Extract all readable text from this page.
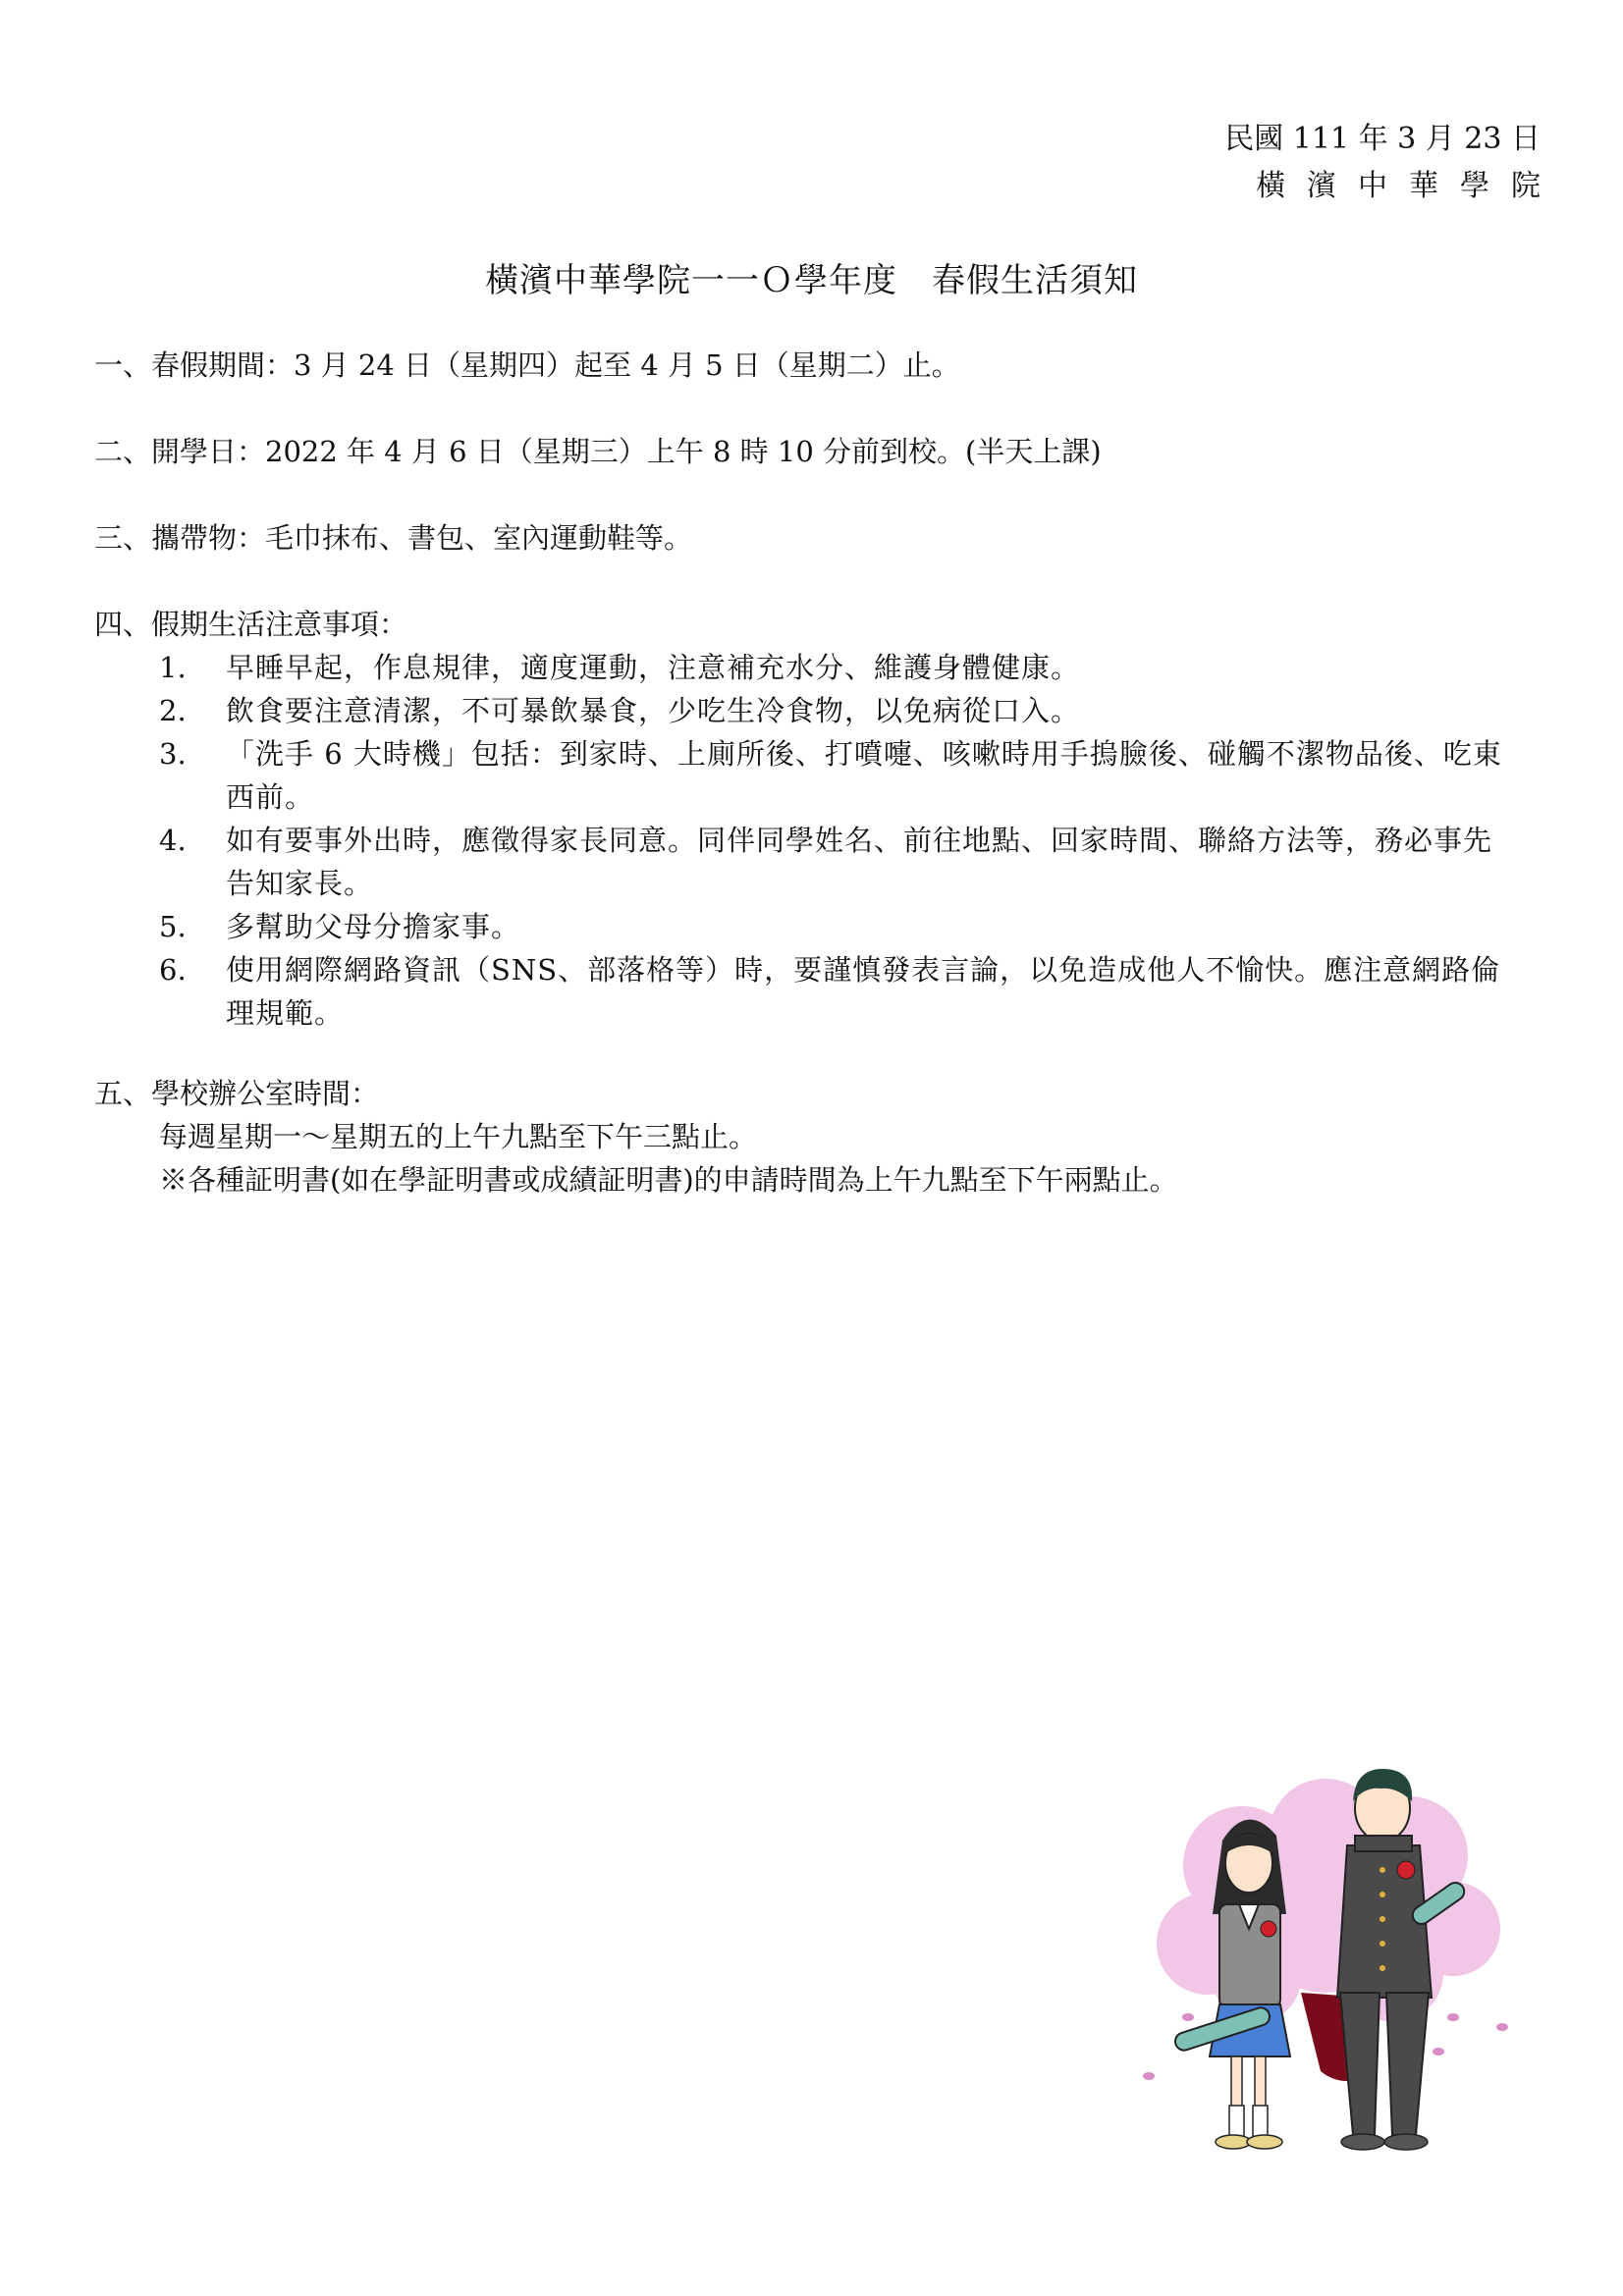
民國 111 年 3 月 23 日
橫濱中華學院
橫濱中華學院一一Ｏ學年度　春假生活須知
一、春假期間：3 月 24 日（星期四）起至 4 月 5 日（星期二）止。
二、開學日：2022 年 4 月 6 日（星期三）上午 8 時 10 分前到校。(半天上課)
三、攜帶物：毛巾抹布、書包、室內運動鞋等。
四、假期生活注意事項：
1.	早睡早起，作息規律，適度運動，注意補充水分、維護身體健康。
2.	飲食要注意清潔，不可暴飲暴食，少吃生冷食物，以免病從口入。
3.	「洗手 6 大時機」包括：到家時、上廁所後、打噴嚏、咳嗽時用手摀臉後、碰觸不潔物品後、吃東西前。
4.	如有要事外出時，應徵得家長同意。同伴同學姓名、前往地點、回家時間、聯絡方法等，務必事先告知家長。
5.	多幫助父母分擔家事。
6.	使用網際網路資訊（SNS、部落格等）時，要謹慎發表言論，以免造成他人不愉快。應注意網路倫理規範。
五、學校辦公室時間：
每週星期一～星期五的上午九點至下午三點止。
※各種証明書(如在學証明書或成績証明書)的申請時間為上午九點至下午兩點止。
